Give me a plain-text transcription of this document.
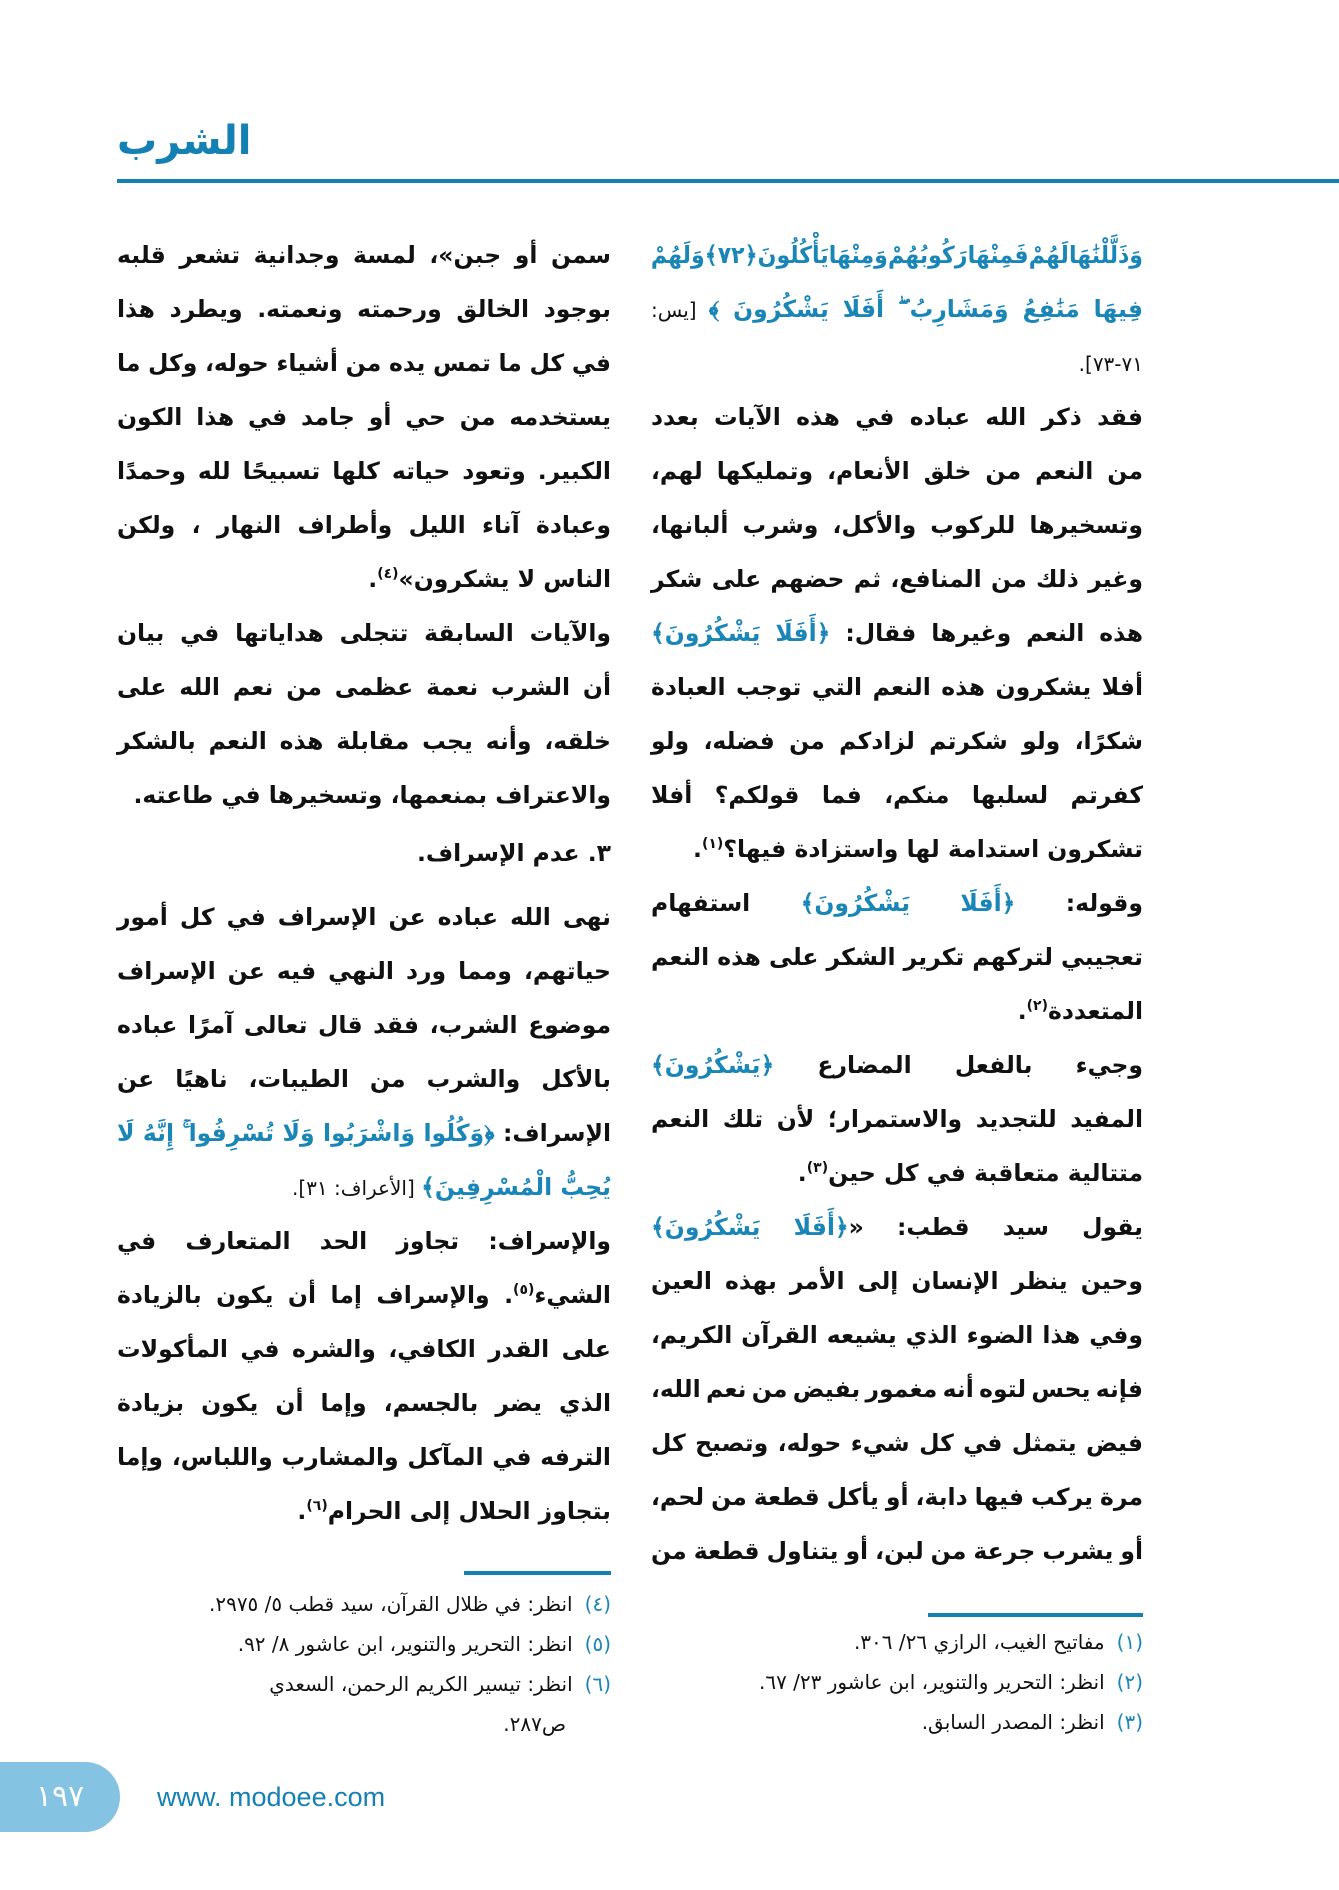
الشرب
وَذَلَّلْنَٰهَا لَهُمْ فَمِنْهَا رَكُوبُهُمْ وَمِنْهَا يَأْكُلُونَ ﴿٧٢﴾ وَلَهُمْ
فِيهَا مَنَٰفِعُ وَمَشَارِبُ ۖ أَفَلَا يَشْكُرُونَ ﴾ [يس:
٧١-٧٣].
فقد ذكر الله عباده في هذه الآيات بعدد
من النعم من خلق الأنعام، وتمليكها لهم،
وتسخيرها للركوب والأكل، وشرب ألبانها،
وغير ذلك من المنافع، ثم حضهم على شكر
هذه النعم وغيرها فقال: ﴿أَفَلَا يَشْكُرُونَ﴾
أفلا يشكرون هذه النعم التي توجب العبادة
شكرًا، ولو شكرتم لزادكم من فضله، ولو
كفرتم لسلبها منكم، فما قولكم؟ أفلا
تشكرون استدامة لها واستزادة فيها؟$^{(١)}$.
وقوله: ﴿أَفَلَا يَشْكُرُونَ﴾ استفهام
تعجيبي لتركهم تكرير الشكر على هذه النعم
المتعددة$^{(٢)}$.
وجيء بالفعل المضارع ﴿يَشْكُرُونَ﴾
المفيد للتجديد والاستمرار؛ لأن تلك النعم
متتالية متعاقبة في كل حين$^{(٣)}$.
يقول سيد قطب: «﴿أَفَلَا يَشْكُرُونَ﴾
وحين ينظر الإنسان إلى الأمر بهذه العين
وفي هذا الضوء الذي يشيعه القرآن الكريم،
فإنه يحس لتوه أنه مغمور بفيض من نعم الله،
فيض يتمثل في كل شيء حوله، وتصبح كل
مرة يركب فيها دابة، أو يأكل قطعة من لحم،
أو يشرب جرعة من لبن، أو يتناول قطعة من
سمن أو جبن»، لمسة وجدانية تشعر قلبه
بوجود الخالق ورحمته ونعمته. ويطرد هذا
في كل ما تمس يده من أشياء حوله، وكل ما
يستخدمه من حي أو جامد في هذا الكون
الكبير. وتعود حياته كلها تسبيحًا لله وحمدًا
وعبادة آناء الليل وأطراف النهار ، ولكن
الناس لا يشكرون»$^{(٤)}$.
والآيات السابقة تتجلى هداياتها في بيان
أن الشرب نعمة عظمى من نعم الله على
خلقه، وأنه يجب مقابلة هذه النعم بالشكر
والاعتراف بمنعمها، وتسخيرها في طاعته.
٣. عدم الإسراف.
نهى الله عباده عن الإسراف في كل أمور
حياتهم، ومما ورد النهي فيه عن الإسراف
موضوع الشرب، فقد قال تعالى آمرًا عباده
بالأكل والشرب من الطيبات، ناهيًا عن
الإسراف: ﴿وَكُلُوا وَاشْرَبُوا وَلَا تُسْرِفُوا ۚ إِنَّهُ لَا
يُحِبُّ الْمُسْرِفِينَ﴾ [الأعراف: ٣١].
والإسراف: تجاوز الحد المتعارف في
الشيء$^{(٥)}$. والإسراف إما أن يكون بالزيادة
على القدر الكافي، والشره في المأكولات
الذي يضر بالجسم، وإما أن يكون بزيادة
الترفه في المآكل والمشارب واللباس، وإما
بتجاوز الحلال إلى الحرام$^{(٦)}$.
(١)مفاتيح الغيب، الرازي ٢٦/ ٣٠٦.
(٢)انظر: التحرير والتنوير، ابن عاشور ٢٣/ ٦٧.
(٣)انظر: المصدر السابق.
(٤)انظر: في ظلال القرآن، سيد قطب ٥/ ٢٩٧٥.
(٥)انظر: التحرير والتنوير، ابن عاشور ٨/ ٩٢.
(٦)انظر: تيسير الكريم الرحمن، السعدي
ص٢٨٧.
١٩٧	www. modoee.com
